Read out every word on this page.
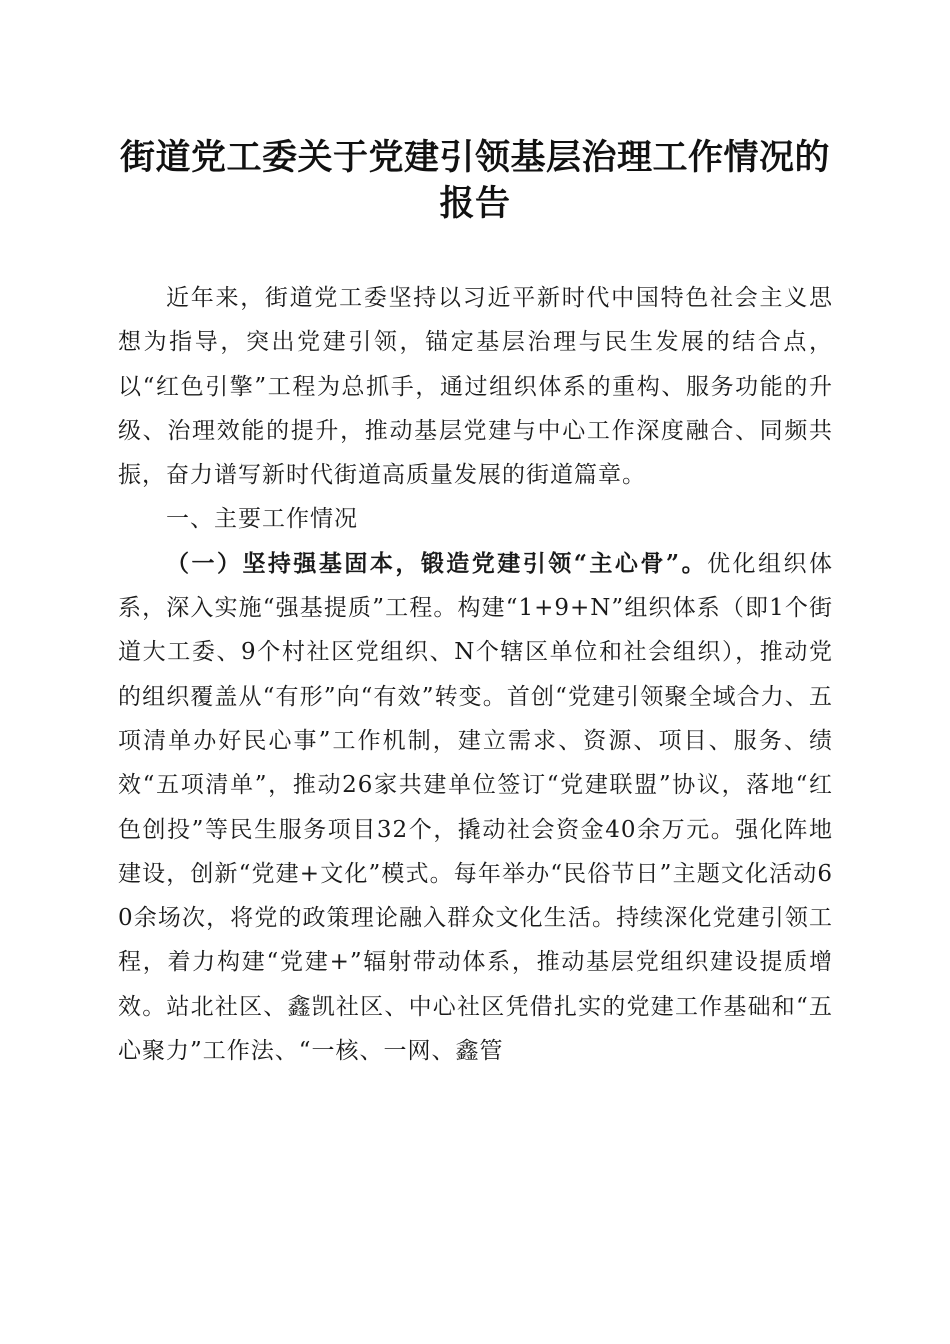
街道党工委关于党建引领基层治理工作情况的
报告

近年来，街道党工委坚持以习近平新时代中国特色社会主义思想为指导，突出党建引领，锚定基层治理与民生发展的结合点，以“红色引擎”工程为总抓手，通过组织体系的重构、服务功能的升级、治理效能的提升，推动基层党建与中心工作深度融合、同频共振，奋力谱写新时代街道高质量发展的街道篇章。

一、主要工作情况

（一）坚持强基固本，锻造党建引领“主心骨”。优化组织体系，深入实施“强基提质”工程。构建“1+9+N”组织体系（即1个街道大工委、9个村社区党组织、N个辖区单位和社会组织），推动党的组织覆盖从“有形”向“有效”转变。首创“党建引领聚全域合力、五项清单办好民心事”工作机制，建立需求、资源、项目、服务、绩效“五项清单”，推动26家共建单位签订“党建联盟”协议，落地“红色创投”等民生服务项目32个，撬动社会资金40余万元。强化阵地建设，创新“党建+文化”模式。每年举办“民俗节日”主题文化活动60余场次，将党的政策理论融入群众文化生活。持续深化党建引领工程，着力构建“党建+”辐射带动体系，推动基层党组织建设提质增效。站北社区、鑫凯社区、中心社区凭借扎实的党建工作基础和“五心聚力”工作法、“一核、一网、鑫管
